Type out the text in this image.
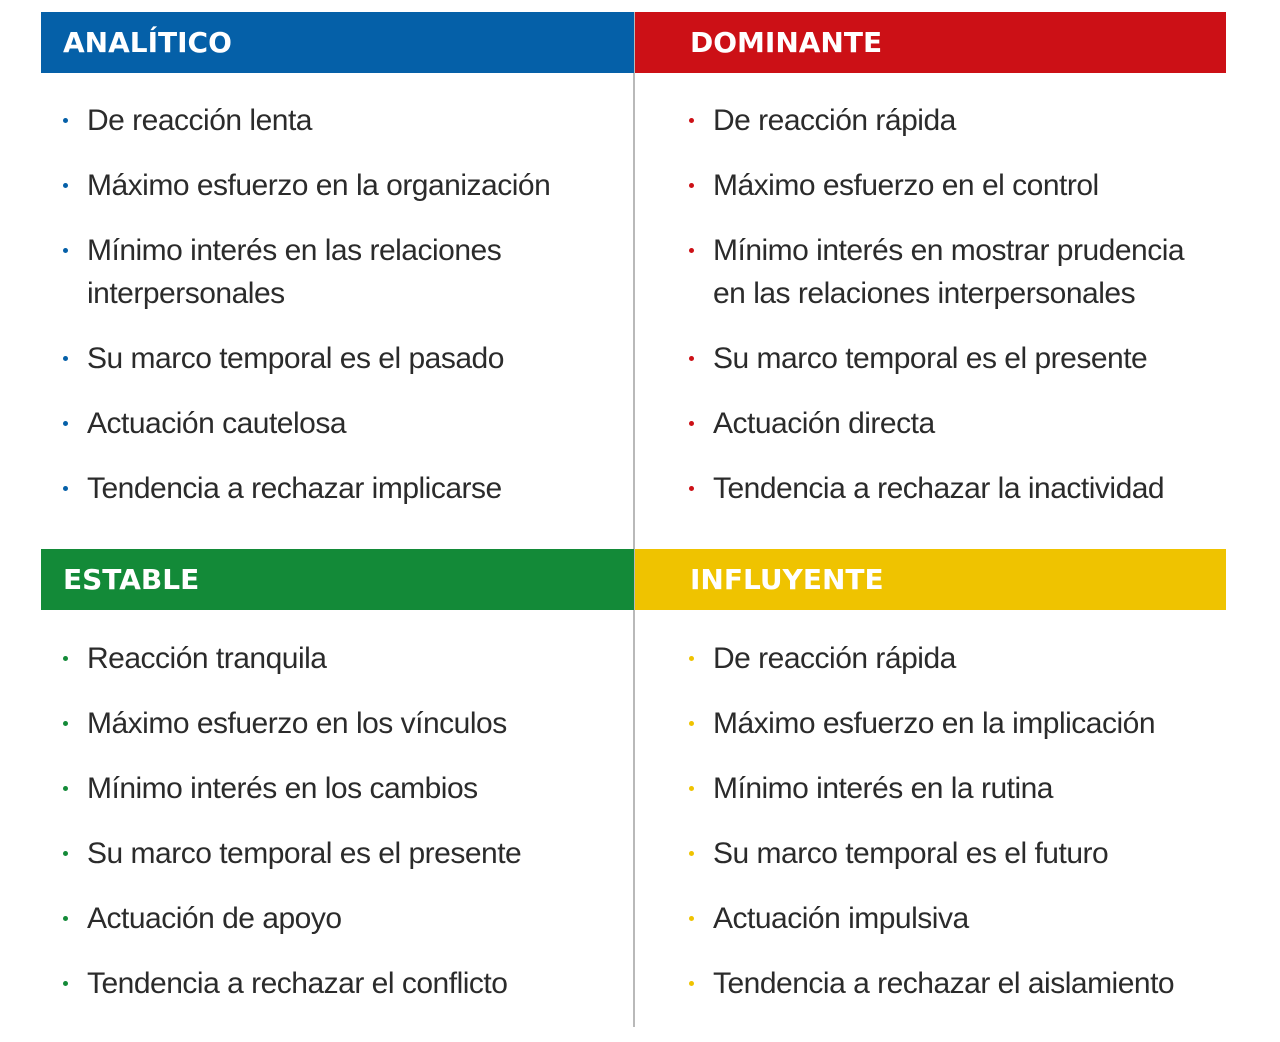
ANALÍTICO
De reacción lenta
Máximo esfuerzo en la organización
Mínimo interés en las relaciones
interpersonales
Su marco temporal es el pasado
Actuación cautelosa
Tendencia a rechazar implicarse
DOMINANTE
De reacción rápida
Máximo esfuerzo en el control
Mínimo interés en mostrar prudencia
en las relaciones interpersonales
Su marco temporal es el presente
Actuación directa
Tendencia a rechazar la inactividad
ESTABLE
Reacción tranquila
Máximo esfuerzo en los vínculos
Mínimo interés en los cambios
Su marco temporal es el presente
Actuación de apoyo
Tendencia a rechazar el conflicto
INFLUYENTE
De reacción rápida
Máximo esfuerzo en la implicación
Mínimo interés en la rutina
Su marco temporal es el futuro
Actuación impulsiva
Tendencia a rechazar el aislamiento
